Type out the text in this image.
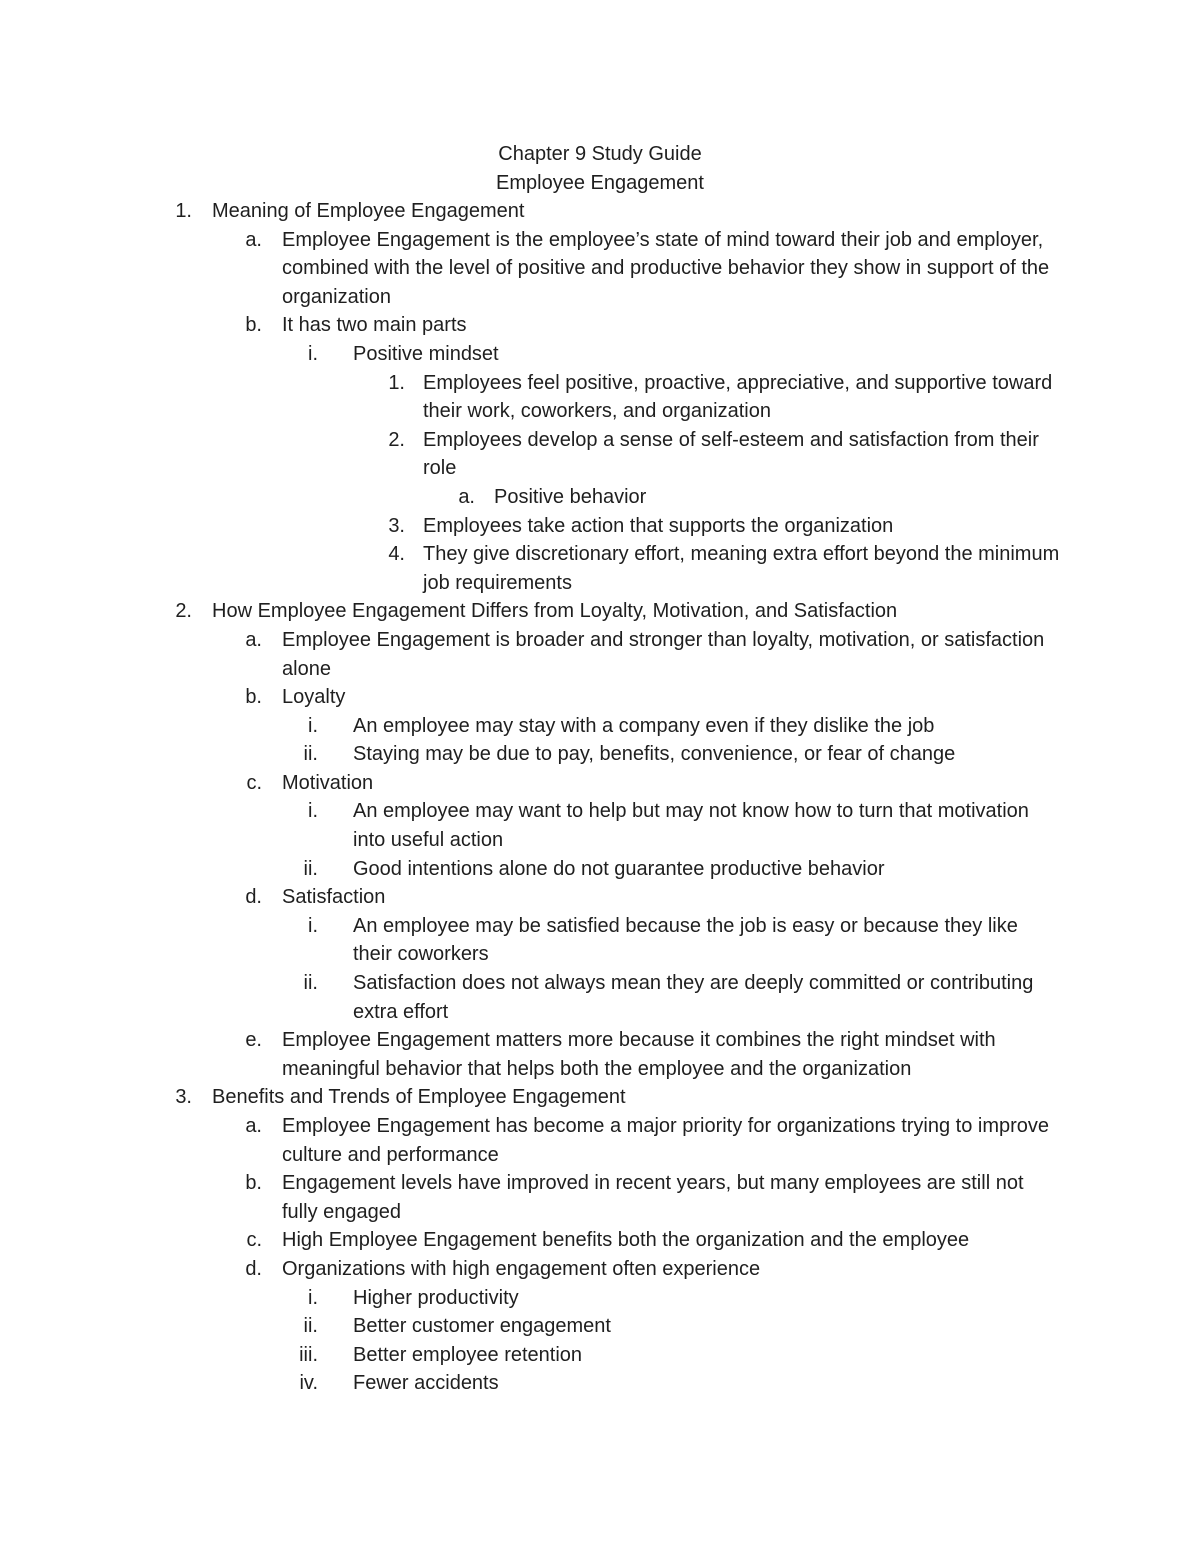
Chapter 9 Study Guide
Employee Engagement
1. Meaning of Employee Engagement
a. Employee Engagement is the employee’s state of mind toward their job and employer, combined with the level of positive and productive behavior they show in support of the organization
b. It has two main parts
i. Positive mindset
1. Employees feel positive, proactive, appreciative, and supportive toward their work, coworkers, and organization
2. Employees develop a sense of self-esteem and satisfaction from their role
a. Positive behavior
3. Employees take action that supports the organization
4. They give discretionary effort, meaning extra effort beyond the minimum job requirements
2. How Employee Engagement Differs from Loyalty, Motivation, and Satisfaction
a. Employee Engagement is broader and stronger than loyalty, motivation, or satisfaction alone
b. Loyalty
i. An employee may stay with a company even if they dislike the job
ii. Staying may be due to pay, benefits, convenience, or fear of change
c. Motivation
i. An employee may want to help but may not know how to turn that motivation into useful action
ii. Good intentions alone do not guarantee productive behavior
d. Satisfaction
i. An employee may be satisfied because the job is easy or because they like their coworkers
ii. Satisfaction does not always mean they are deeply committed or contributing extra effort
e. Employee Engagement matters more because it combines the right mindset with meaningful behavior that helps both the employee and the organization
3. Benefits and Trends of Employee Engagement
a. Employee Engagement has become a major priority for organizations trying to improve culture and performance
b. Engagement levels have improved in recent years, but many employees are still not fully engaged
c. High Employee Engagement benefits both the organization and the employee
d. Organizations with high engagement often experience
i. Higher productivity
ii. Better customer engagement
iii. Better employee retention
iv. Fewer accidents
